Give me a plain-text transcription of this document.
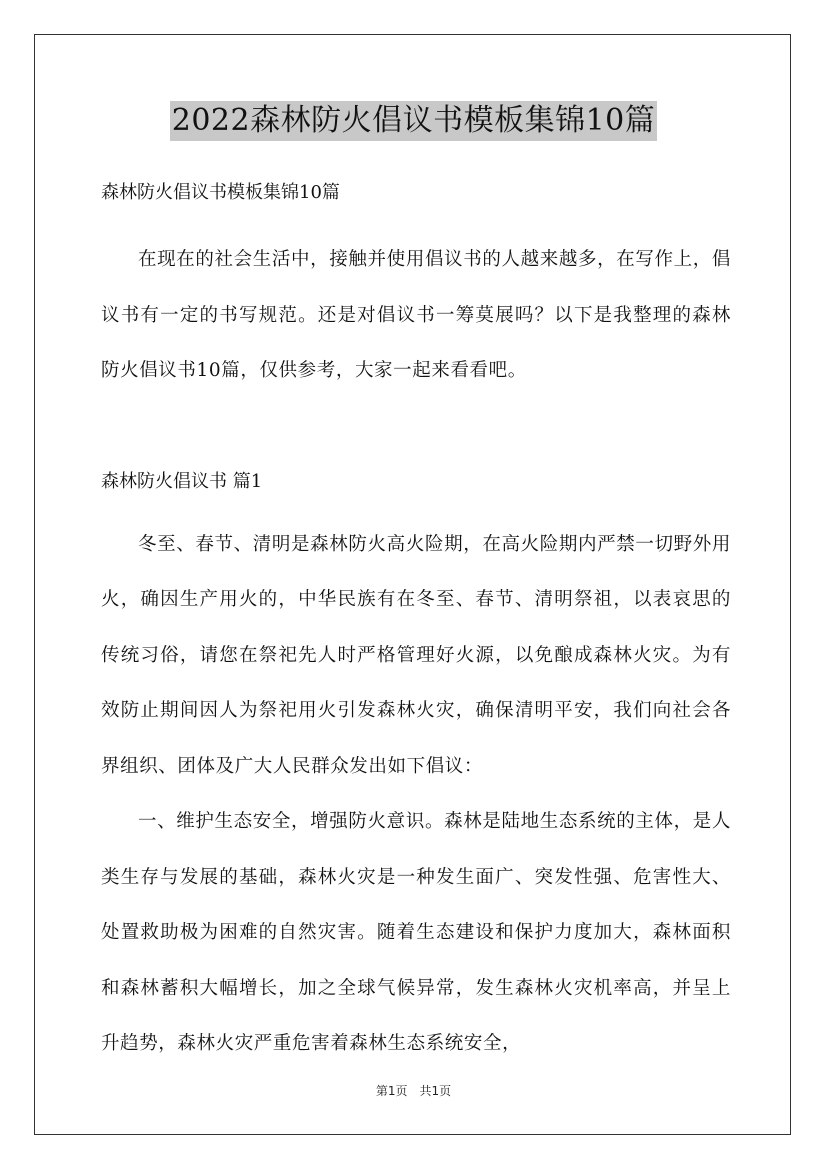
2022森林防火倡议书模板集锦10篇

森林防火倡议书模板集锦10篇

在现在的社会生活中，接触并使用倡议书的人越来越多，在写作上，倡议书有一定的书写规范。还是对倡议书一筹莫展吗？以下是我整理的森林防火倡议书10篇，仅供参考，大家一起来看看吧。

森林防火倡议书 篇1

冬至、春节、清明是森林防火高火险期，在高火险期内严禁一切野外用火，确因生产用火的，中华民族有在冬至、春节、清明祭祖，以表哀思的传统习俗，请您在祭祀先人时严格管理好火源，以免酿成森林火灾。为有效防止期间因人为祭祀用火引发森林火灾，确保清明平安，我们向社会各界组织、团体及广大人民群众发出如下倡议：

一、维护生态安全，增强防火意识。森林是陆地生态系统的主体，是人类生存与发展的基础，森林火灾是一种发生面广、突发性强、危害性大、处置救助极为困难的自然灾害。随着生态建设和保护力度加大，森林面积和森林蓄积大幅增长，加之全球气候异常，发生森林火灾机率高，并呈上升趋势，森林火灾严重危害着森林生态系统安全，

第1页　共1页
